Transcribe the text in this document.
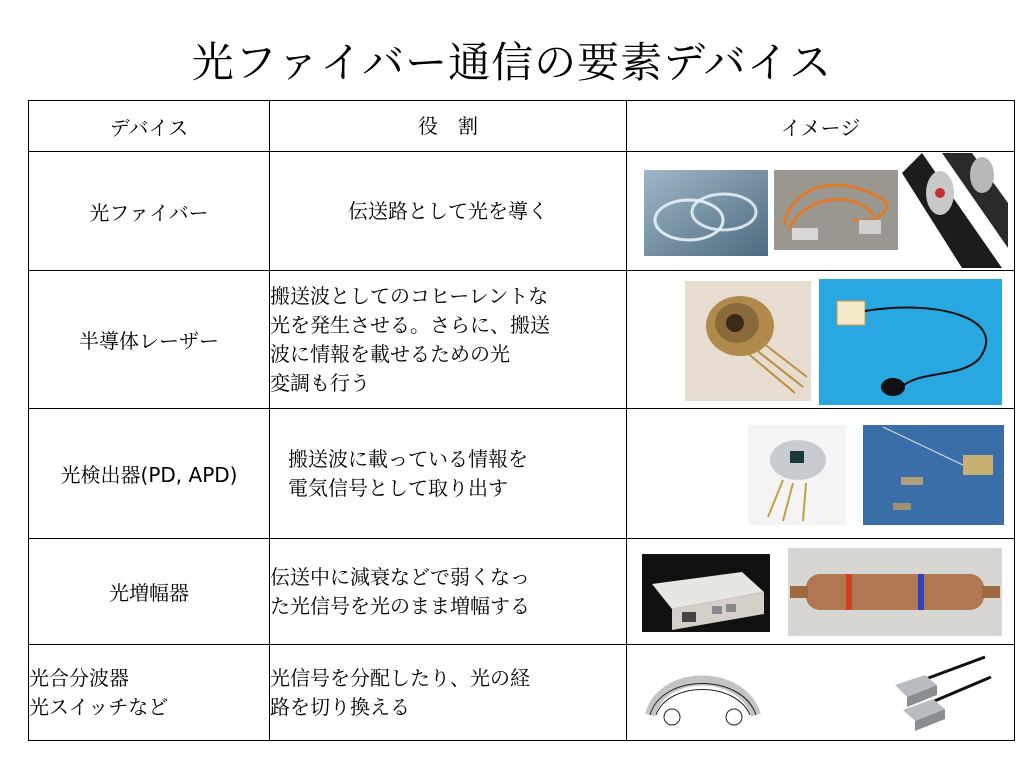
光ファイバー通信の要素デバイス
デバイス	役　割	イメージ
光ファイバー	伝送路として光を導く	

半導体レーザー	搬送波としてのコヒーレントな
光を発生させる。さらに、搬送
波に情報を載せるための光
変調も行う	

光検出器(PD, APD)	搬送波に載っている情報を
電気信号として取り出す	

光増幅器	伝送中に減衰などで弱くなっ
た光信号を光のまま増幅する	

光合分波器
光スイッチなど	光信号を分配したり、光の経
路を切り換える	
